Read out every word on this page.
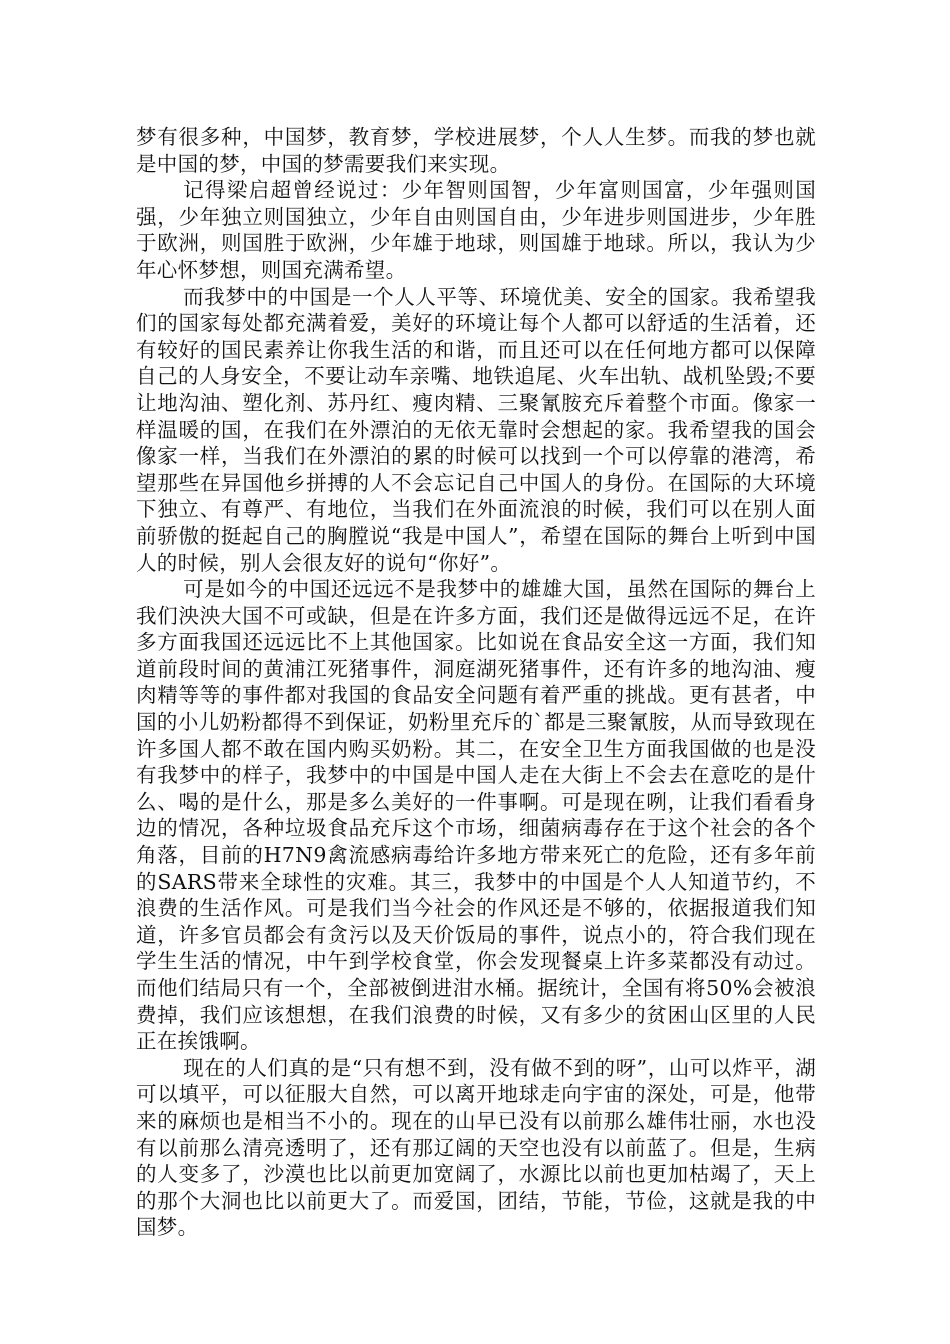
梦有很多种，中国梦，教育梦，学校进展梦，个人人生梦。而我的梦也就是中国的梦，中国的梦需要我们来实现。

记得梁启超曾经说过：少年智则国智，少年富则国富，少年强则国强，少年独立则国独立，少年自由则国自由，少年进步则国进步，少年胜于欧洲，则国胜于欧洲，少年雄于地球，则国雄于地球。所以，我认为少年心怀梦想，则国充满希望。

而我梦中的中国是一个人人平等、环境优美、安全的国家。我希望我们的国家每处都充满着爱，美好的环境让每个人都可以舒适的生活着，还有较好的国民素养让你我生活的和谐，而且还可以在任何地方都可以保障自己的人身安全，不要让动车亲嘴、地铁追尾、火车出轨、战机坠毁;不要让地沟油、塑化剂、苏丹红、瘦肉精、三聚氰胺充斥着整个市面。像家一样温暖的国，在我们在外漂泊的无依无靠时会想起的家。我希望我的国会像家一样，当我们在外漂泊的累的时候可以找到一个可以停靠的港湾，希望那些在异国他乡拼搏的人不会忘记自己中国人的身份。在国际的大环境下独立、有尊严、有地位，当我们在外面流浪的时候，我们可以在别人面前骄傲的挺起自己的胸膛说“我是中国人”，希望在国际的舞台上听到中国人的时候，别人会很友好的说句“你好”。

可是如今的中国还远远不是我梦中的雄雄大国，虽然在国际的舞台上我们泱泱大国不可或缺，但是在许多方面，我们还是做得远远不足，在许多方面我国还远远比不上其他国家。比如说在食品安全这一方面，我们知道前段时间的黄浦江死猪事件，洞庭湖死猪事件，还有许多的地沟油、瘦肉精等等的事件都对我国的食品安全问题有着严重的挑战。更有甚者，中国的小儿奶粉都得不到保证，奶粉里充斥的`都是三聚氰胺，从而导致现在许多国人都不敢在国内购买奶粉。其二，在安全卫生方面我国做的也是没有我梦中的样子，我梦中的中国是中国人走在大街上不会去在意吃的是什么、喝的是什么，那是多么美好的一件事啊。可是现在咧，让我们看看身边的情况，各种垃圾食品充斥这个市场，细菌病毒存在于这个社会的各个角落，目前的H7N9禽流感病毒给许多地方带来死亡的危险，还有多年前的SARS带来全球性的灾难。其三，我梦中的中国是个人人知道节约，不浪费的生活作风。可是我们当今社会的作风还是不够的，依据报道我们知道，许多官员都会有贪污以及天价饭局的事件，说点小的，符合我们现在学生生活的情况，中午到学校食堂，你会发现餐桌上许多菜都没有动过。而他们结局只有一个，全部被倒进泔水桶。据统计，全国有将50%会被浪费掉，我们应该想想，在我们浪费的时候，又有多少的贫困山区里的人民正在挨饿啊。

现在的人们真的是“只有想不到，没有做不到的呀”，山可以炸平，湖可以填平，可以征服大自然，可以离开地球走向宇宙的深处，可是，他带来的麻烦也是相当不小的。现在的山早已没有以前那么雄伟壮丽，水也没有以前那么清亮透明了，还有那辽阔的天空也没有以前蓝了。但是，生病的人变多了，沙漠也比以前更加宽阔了，水源比以前也更加枯竭了，天上的那个大洞也比以前更大了。而爱国，团结，节能，节俭，这就是我的中国梦。
